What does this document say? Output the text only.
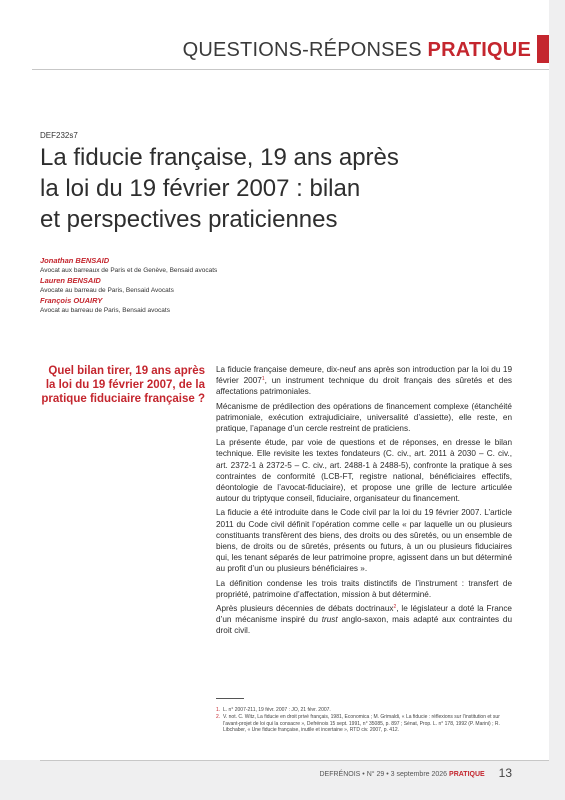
QUESTIONS-RÉPONSES PRATIQUE
DEF232s7
La fiducie française, 19 ans après
la loi du 19 février 2007 : bilan
et perspectives praticiennes
Jonathan BENSAID
Avocat aux barreaux de Paris et de Genève, Bensaid avocats
Lauren BENSAID
Avocate au barreau de Paris, Bensaid Avocats
François OUAIRY
Avocat au barreau de Paris, Bensaid avocats
Quel bilan tirer, 19 ans après la loi du 19 février 2007, de la pratique fiduciaire française ?

La fiducie française demeure, dix-neuf ans après son introduction par la loi du 19 février 2007$^1$, un instrument technique du droit français des sûretés et des affectations patrimoniales.

Mécanisme de prédilection des opérations de financement complexe (étanchéité patrimoniale, exécution extrajudiciaire, universalité d’assiette), elle reste, en pratique, l’apanage d’un cercle restreint de praticiens.

La présente étude, par voie de questions et de réponses, en dresse le bilan technique. Elle revisite les textes fondateurs (C. civ., art. 2011 à 2030 – C. civ., art. 2372-1 à 2372-5 – C. civ., art. 2488-1 à 2488-5), confronte la pratique à ses contraintes de conformité (LCB-FT, registre national, bénéficiaires effectifs, déontologie de l’avocat-fiduciaire), et propose une grille de lecture articulée autour du triptyque conseil, fiduciaire, organisateur du financement.

La fiducie a été introduite dans le Code civil par la loi du 19 février 2007. L’article 2011 du Code civil définit l’opération comme celle « par laquelle un ou plusieurs constituants transfèrent des biens, des droits ou des sûretés, ou un ensemble de biens, de droits ou de sûretés, présents ou futurs, à un ou plusieurs fiduciaires qui, les tenant séparés de leur patrimoine propre, agissent dans un but déterminé au profit d’un ou plusieurs bénéficiaires ».

La définition condense les trois traits distinctifs de l’instrument : transfert de propriété, patrimoine d’affectation, mission à but déterminé.

Après plusieurs décennies de débats doctrinaux$^2$, le législateur a doté la France d’un mécanisme inspiré du trust anglo-saxon, mais adapté aux contraintes du droit civil.

1. L. n° 2007-211, 19 févr. 2007 : JO, 21 févr. 2007.
2. V. not. C. Witz, La fiducie en droit privé français, 1981, Economica ; M. Grimaldi, « La fiducie : réflexions sur l’institution et sur l’avant-projet de loi qui la consacre », Defrénois 15 sept. 1991, n° 35085, p. 897 ; Sénat, Prop. L. n° 178, 1992 (P. Marini) ; R. Libchaber, « Une fiducie française, inutile et incertaine », RTD civ. 2007, p. 412.
DEFRÉNOIS • N° 29 • 3 septembre 2026 PRATIQUE 13
